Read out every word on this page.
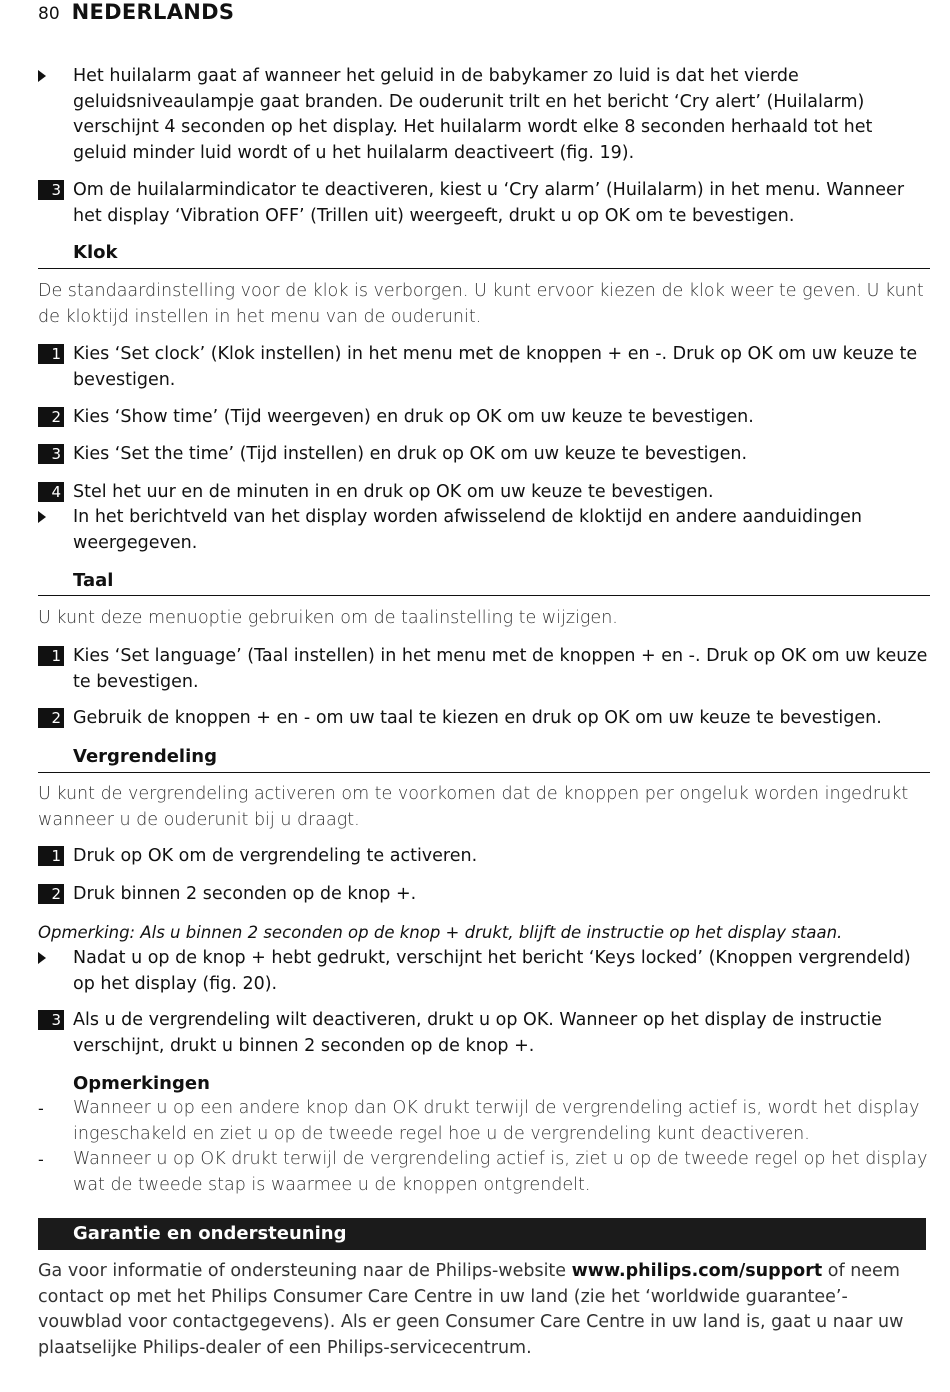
80 NEDERLANDS
Het huilalarm gaat af wanneer het geluid in de babykamer zo luid is dat het vierde geluidsniveaulampje gaat branden. De ouderunit trilt en het bericht ‘Cry alert’ (Huilalarm) verschijnt 4 seconden op het display. Het huilalarm wordt elke 8 seconden herhaald tot het geluid minder luid wordt of u het huilalarm deactiveert (fig. 19).
3 Om de huilalarmindicator te deactiveren, kiest u ‘Cry alarm’ (Huilalarm) in het menu. Wanneer het display ‘Vibration OFF’ (Trillen uit) weergeeft, drukt u op OK om te bevestigen.
Klok
De standaardinstelling voor de klok is verborgen. U kunt ervoor kiezen de klok weer te geven. U kunt de kloktijd instellen in het menu van de ouderunit.
1 Kies ‘Set clock’ (Klok instellen) in het menu met de knoppen + en -. Druk op OK om uw keuze te bevestigen.
2 Kies ‘Show time’ (Tijd weergeven) en druk op OK om uw keuze te bevestigen.
3 Kies ‘Set the time’ (Tijd instellen) en druk op OK om uw keuze te bevestigen.
4 Stel het uur en de minuten in en druk op OK om uw keuze te bevestigen.
In het berichtveld van het display worden afwisselend de kloktijd en andere aanduidingen weergegeven.
Taal
U kunt deze menuoptie gebruiken om de taalinstelling te wijzigen.
1 Kies ‘Set language’ (Taal instellen) in het menu met de knoppen + en -. Druk op OK om uw keuze te bevestigen.
2 Gebruik de knoppen + en - om uw taal te kiezen en druk op OK om uw keuze te bevestigen.
Vergrendeling
U kunt de vergrendeling activeren om te voorkomen dat de knoppen per ongeluk worden ingedrukt wanneer u de ouderunit bij u draagt.
1 Druk op OK om de vergrendeling te activeren.
2 Druk binnen 2 seconden op de knop +.
Opmerking: Als u binnen 2 seconden op de knop + drukt, blijft de instructie op het display staan.
Nadat u op de knop + hebt gedrukt, verschijnt het bericht ‘Keys locked’ (Knoppen vergrendeld) op het display (fig. 20).
3 Als u de vergrendeling wilt deactiveren, drukt u op OK. Wanneer op het display de instructie verschijnt, drukt u binnen 2 seconden op de knop +.
Opmerkingen
- Wanneer u op een andere knop dan OK drukt terwijl de vergrendeling actief is, wordt het display ingeschakeld en ziet u op de tweede regel hoe u de vergrendeling kunt deactiveren.
- Wanneer u op OK drukt terwijl de vergrendeling actief is, ziet u op de tweede regel op het display wat de tweede stap is waarmee u de knoppen ontgrendelt.
Garantie en ondersteuning
Ga voor informatie of ondersteuning naar de Philips-website www.philips.com/support of neem contact op met het Philips Consumer Care Centre in uw land (zie het ‘worldwide guarantee’-vouwblad voor contactgegevens). Als er geen Consumer Care Centre in uw land is, gaat u naar uw plaatselijke Philips-dealer of een Philips-servicecentrum.
